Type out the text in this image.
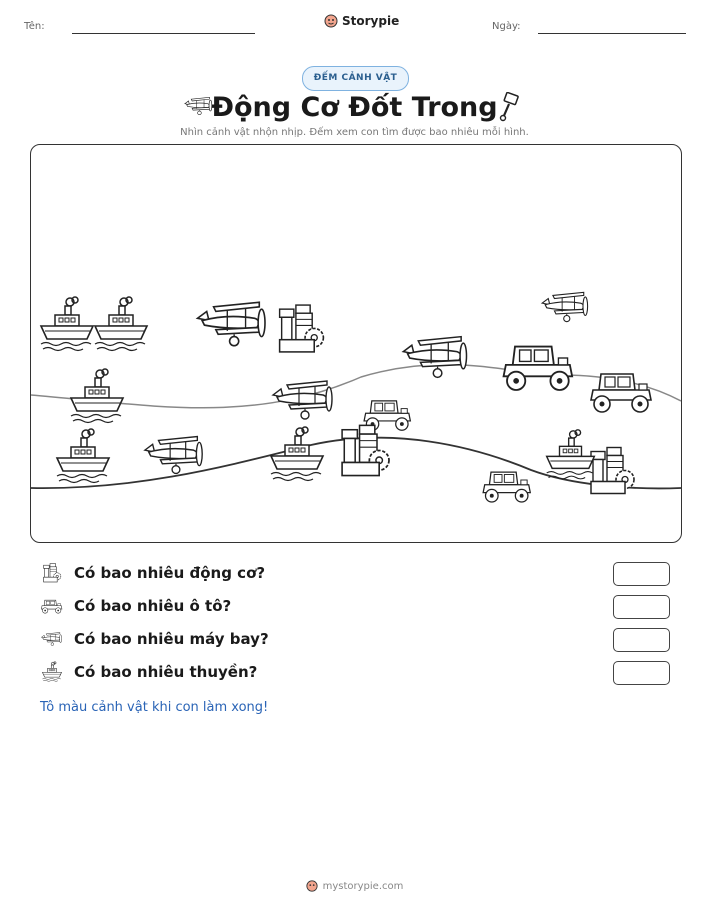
Tên:	Storypie	Ngày:
ĐẾM CẢNH VẬT
Động Cơ Đốt Trong
Nhìn cảnh vật nhộn nhịp. Đếm xem con tìm được bao nhiêu mỗi hình.
Có bao nhiêu động cơ?
Có bao nhiêu ô tô?
Có bao nhiêu máy bay?
Có bao nhiêu thuyền?
Tô màu cảnh vật khi con làm xong!
mystorypie.com
